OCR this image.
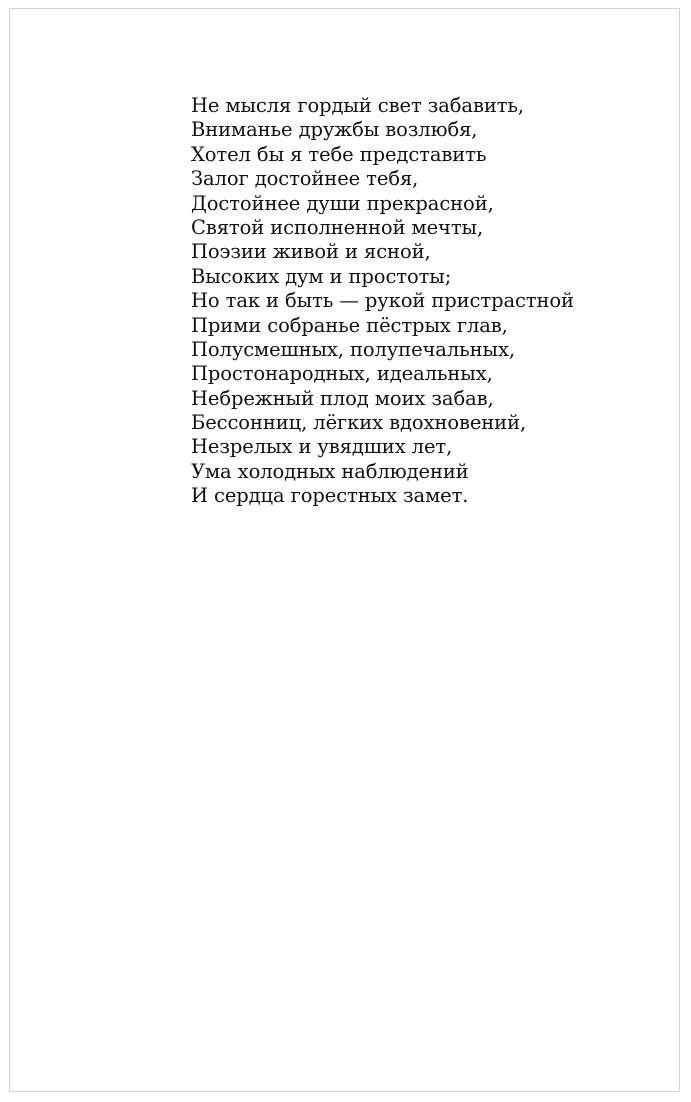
Не мысля гордый свет забавить,
Вниманье дружбы возлюбя,
Хотел бы я тебе представить
Залог достойнее тебя,
Достойнее души прекрасной,
Святой исполненной мечты,
Поэзии живой и ясной,
Высоких дум и простоты;
Но так и быть — рукой пристрастной
Прими собранье пёстрых глав,
Полусмешных, полупечальных,
Простонародных, идеальных,
Небрежный плод моих забав,
Бессонниц, лёгких вдохновений,
Незрелых и увядших лет,
Ума холодных наблюдений
И сердца горестных замет.
